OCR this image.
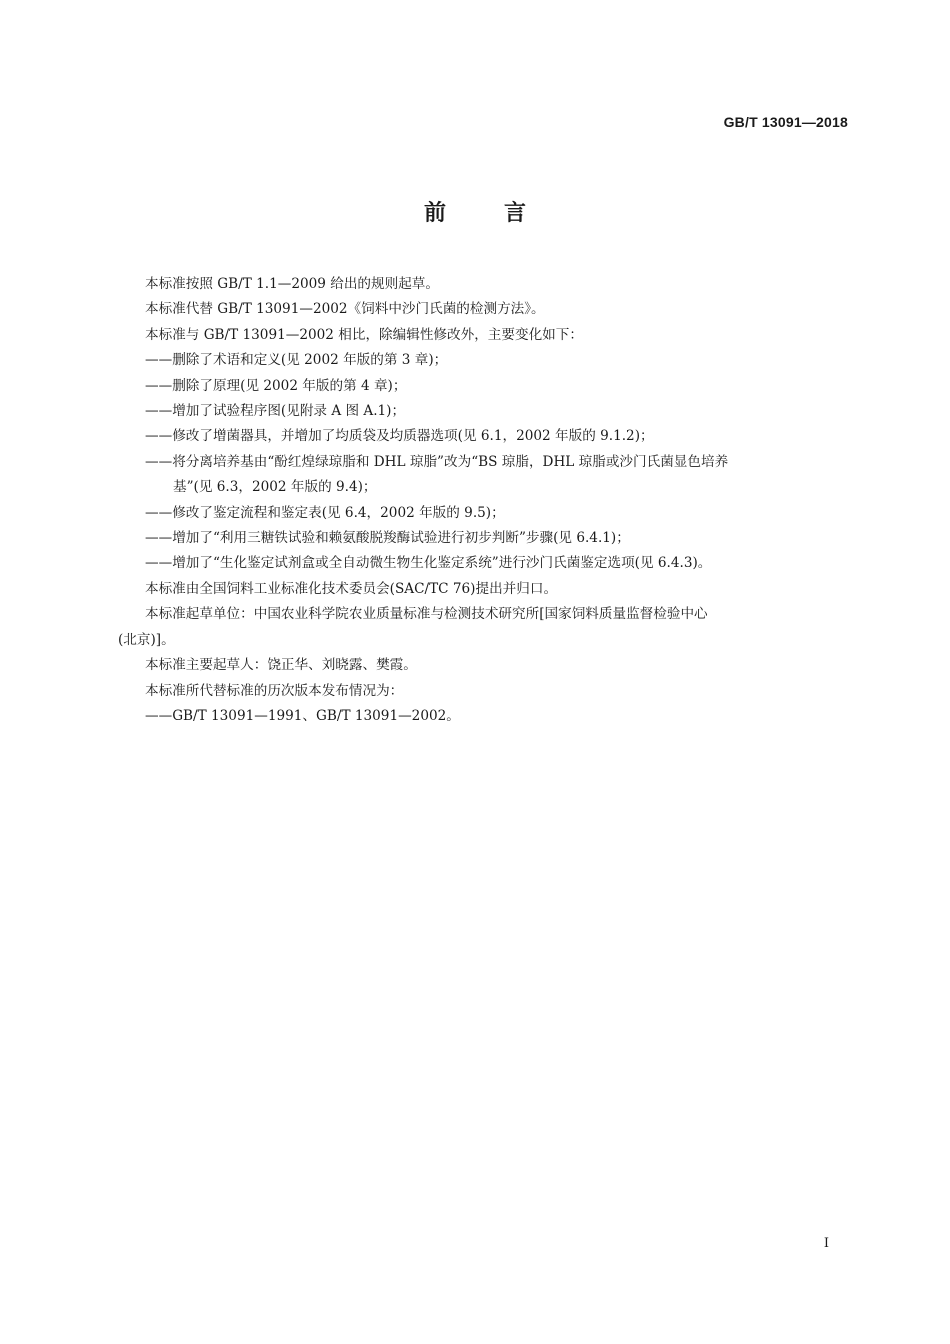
GB/T 13091—2018
前言

本标准按照 GB/T 1.1—2009 给出的规则起草。

本标准代替 GB/T 13091—2002《饲料中沙门氏菌的检测方法》。

本标准与 GB/T 13091—2002 相比，除编辑性修改外，主要变化如下：

——删除了术语和定义(见 2002 年版的第 3 章)；

——删除了原理(见 2002 年版的第 4 章)；

——增加了试验程序图(见附录 A 图 A.1)；

——修改了增菌器具，并增加了均质袋及均质器选项(见 6.1，2002 年版的 9.1.2)；

——将分离培养基由“酚红煌绿琼脂和 DHL 琼脂”改为“BS 琼脂，DHL 琼脂或沙门氏菌显色培养

基”(见 6.3，2002 年版的 9.4)；

——修改了鉴定流程和鉴定表(见 6.4，2002 年版的 9.5)；

——增加了“利用三糖铁试验和赖氨酸脱羧酶试验进行初步判断”步骤(见 6.4.1)；

——增加了“生化鉴定试剂盒或全自动微生物生化鉴定系统”进行沙门氏菌鉴定选项(见 6.4.3)。

本标准由全国饲料工业标准化技术委员会(SAC/TC 76)提出并归口。

本标准起草单位：中国农业科学院农业质量标准与检测技术研究所[国家饲料质量监督检验中心

(北京)]。

本标准主要起草人：饶正华、刘晓露、樊霞。

本标准所代替标准的历次版本发布情况为：

——GB/T 13091—1991、GB/T 13091—2002。

I
